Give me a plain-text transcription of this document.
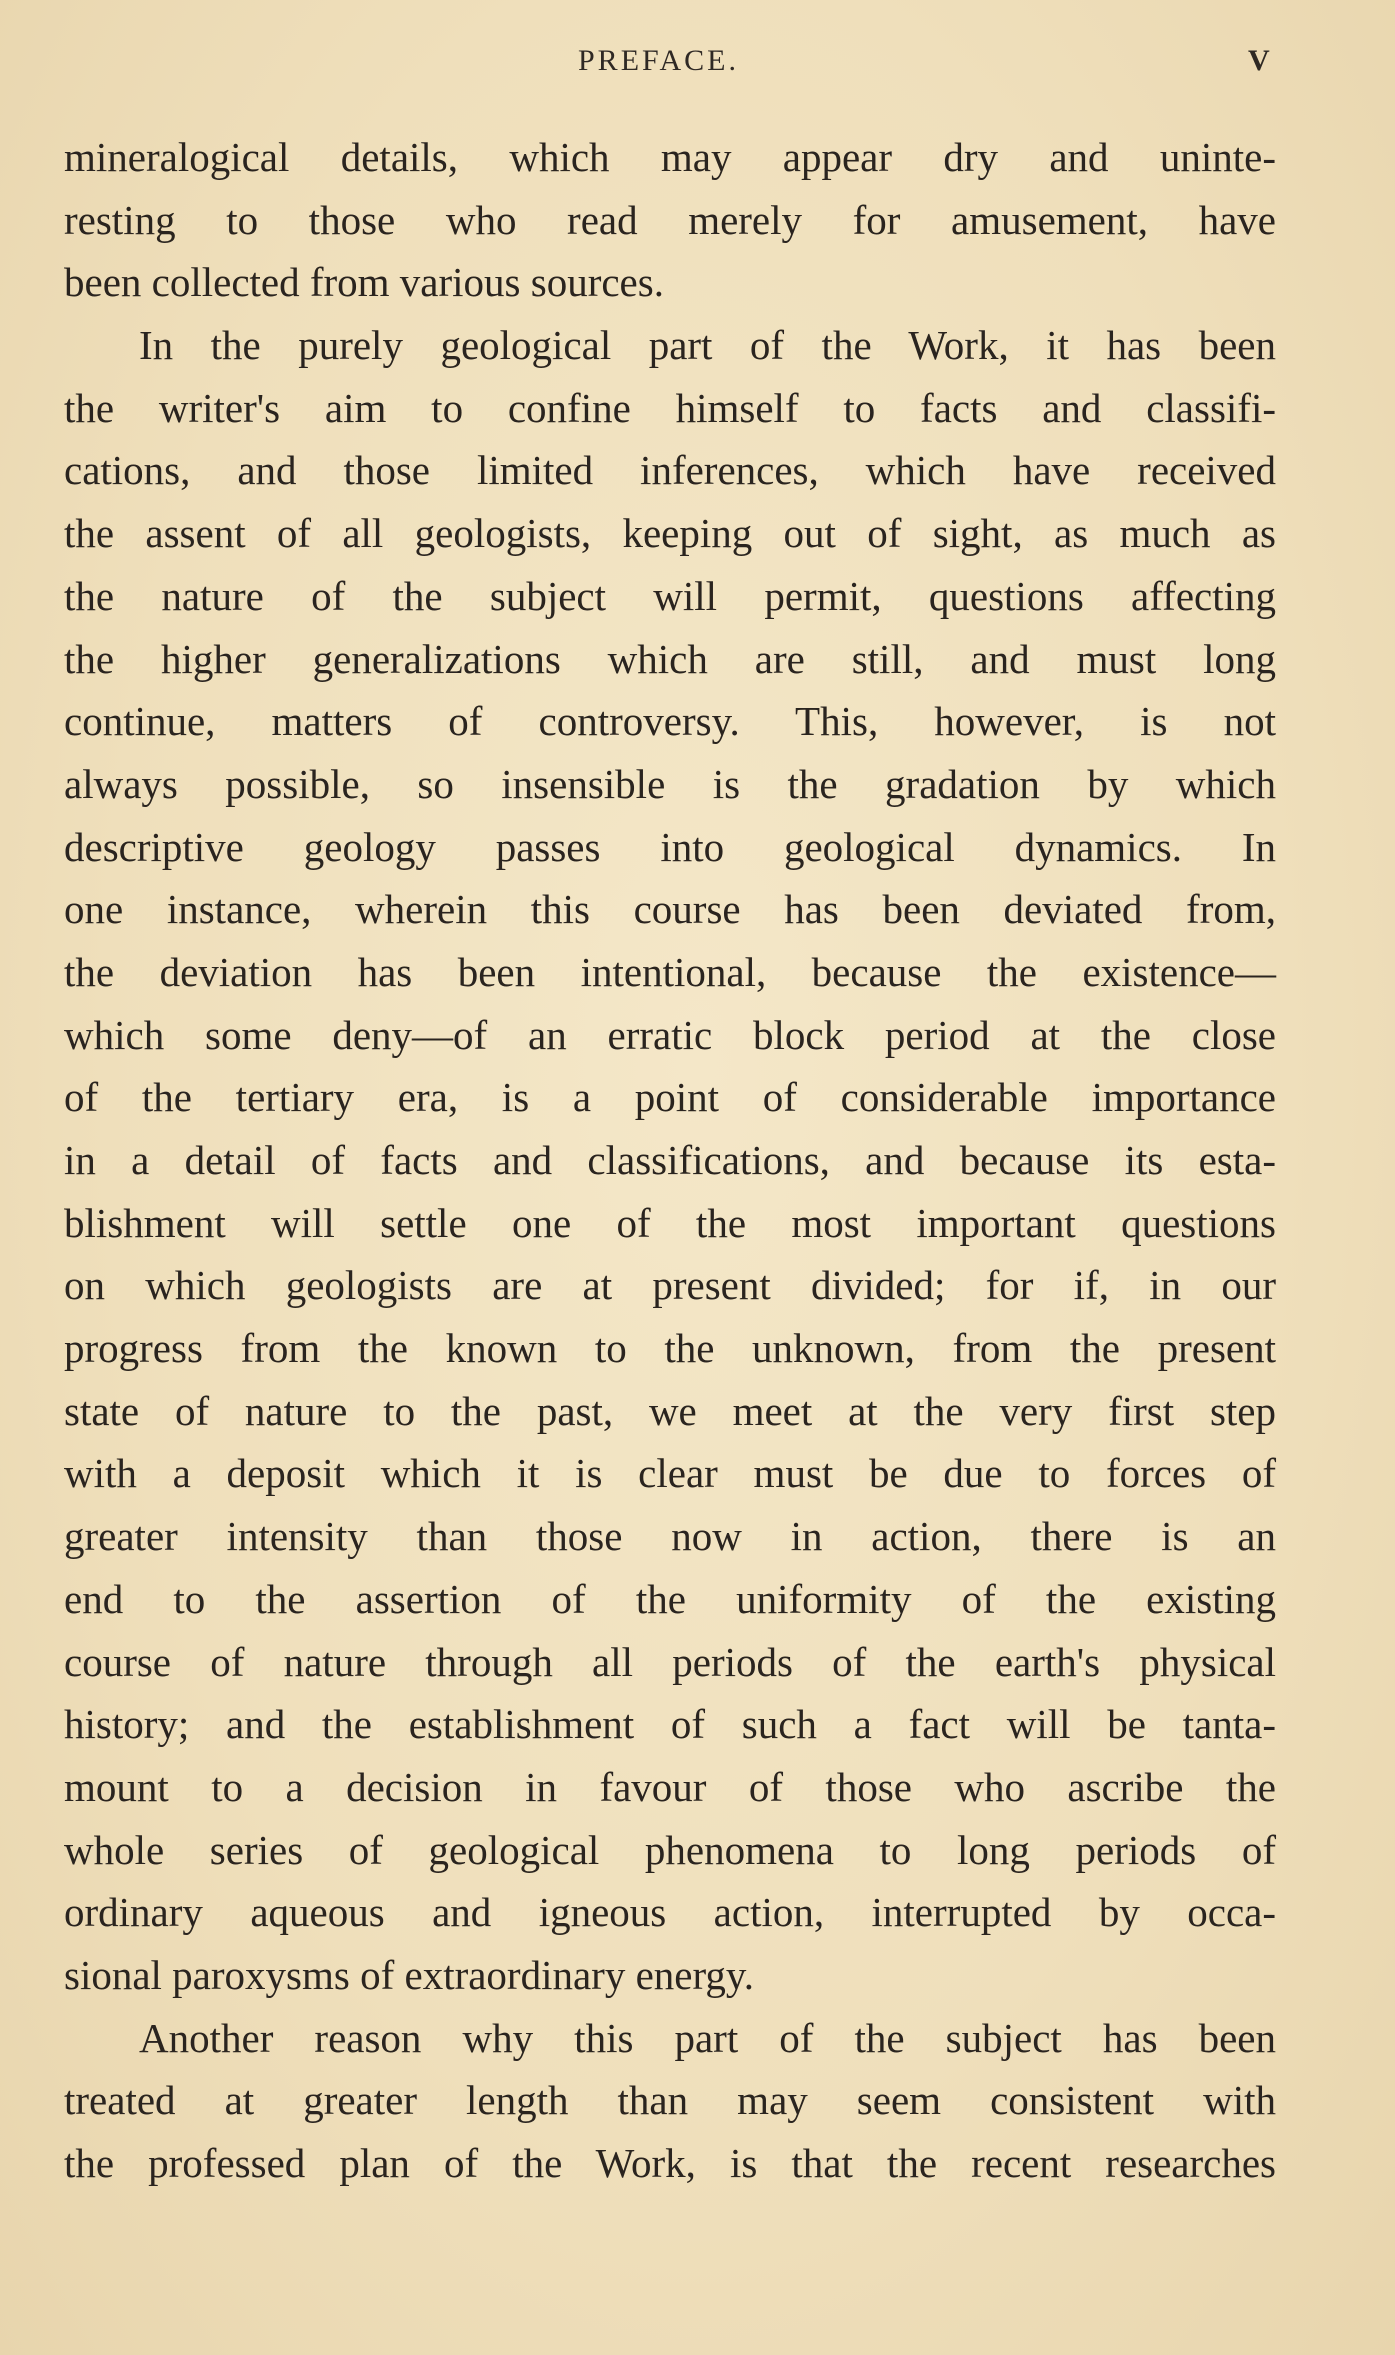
PREFACE.	V
mineralogical details, which may appear dry and uninte-
resting to those who read merely for amusement, have
been collected from various sources.
In the purely geological part of the Work, it has been
the writer's aim to confine himself to facts and classifi-
cations, and those limited inferences, which have received
the assent of all geologists, keeping out of sight, as much as
the nature of the subject will permit, questions affecting
the higher generalizations which are still, and must long
continue, matters of controversy. This, however, is not
always possible, so insensible is the gradation by which
descriptive geology passes into geological dynamics. In
one instance, wherein this course has been deviated from,
the deviation has been intentional, because the existence—
which some deny—of an erratic block period at the close
of the tertiary era, is a point of considerable importance
in a detail of facts and classifications, and because its esta-
blishment will settle one of the most important questions
on which geologists are at present divided; for if, in our
progress from the known to the unknown, from the present
state of nature to the past, we meet at the very first step
with a deposit which it is clear must be due to forces of
greater intensity than those now in action, there is an
end to the assertion of the uniformity of the existing
course of nature through all periods of the earth's physical
history; and the establishment of such a fact will be tanta-
mount to a decision in favour of those who ascribe the
whole series of geological phenomena to long periods of
ordinary aqueous and igneous action, interrupted by occa-
sional paroxysms of extraordinary energy.
Another reason why this part of the subject has been
treated at greater length than may seem consistent with
the professed plan of the Work, is that the recent researches
